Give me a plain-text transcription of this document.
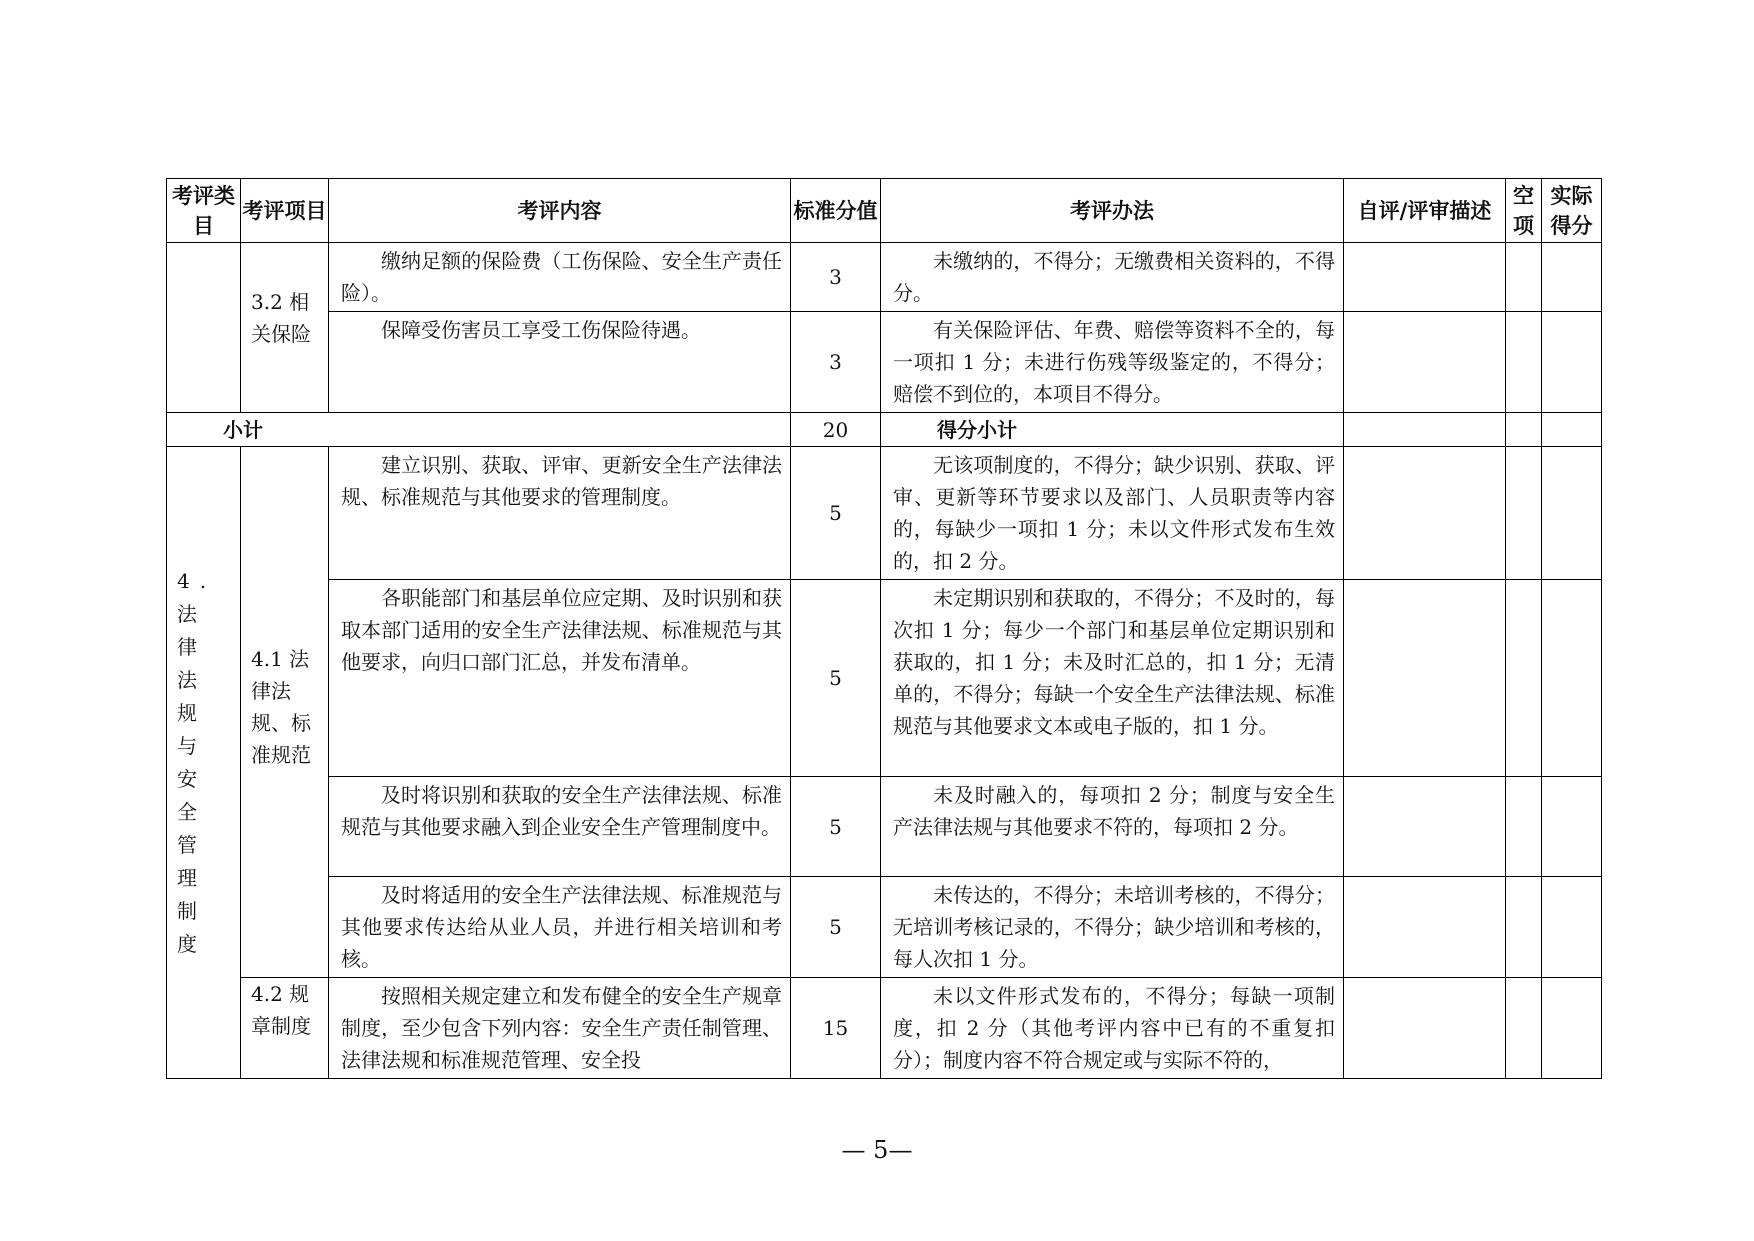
考评类目	考评项目	考评内容	标准分值	考评办法	自评/评审描述	空项	实际得分
	3.2 相关保险	缴纳足额的保险费（工伤保险、安全生产责任险）。	3	未缴纳的，不得分；无缴费相关资料的，不得分。			
		保障受伤害员工享受工伤保险待遇。	3	有关保险评估、年费、赔偿等资料不全的，每一项扣 1 分；未进行伤残等级鉴定的，不得分；赔偿不到位的，本项目不得分。			
小计			20	得分小计			
4. 法律法规与安全管理制度	4.1 法律法规、标准规范	建立识别、获取、评审、更新安全生产法律法规、标准规范与其他要求的管理制度。	5	无该项制度的，不得分；缺少识别、获取、评审、更新等环节要求以及部门、人员职责等内容的，每缺少一项扣 1 分；未以文件形式发布生效的，扣 2 分。			
		各职能部门和基层单位应定期、及时识别和获取本部门适用的安全生产法律法规、标准规范与其他要求，向归口部门汇总，并发布清单。	5	未定期识别和获取的，不得分；不及时的，每次扣 1 分；每少一个部门和基层单位定期识别和获取的，扣 1 分；未及时汇总的，扣 1 分；无清单的，不得分；每缺一个安全生产法律法规、标准规范与其他要求文本或电子版的，扣 1 分。			
		及时将识别和获取的安全生产法律法规、标准规范与其他要求融入到企业安全生产管理制度中。	5	未及时融入的，每项扣 2 分；制度与安全生产法律法规与其他要求不符的，每项扣 2 分。			
		及时将适用的安全生产法律法规、标准规范与其他要求传达给从业人员，并进行相关培训和考核。	5	未传达的，不得分；未培训考核的，不得分；无培训考核记录的，不得分；缺少培训和考核的，每人次扣 1 分。			
	4.2 规章制度	按照相关规定建立和发布健全的安全生产规章制度，至少包含下列内容：安全生产责任制管理、法律法规和标准规范管理、安全投	15	未以文件形式发布的，不得分；每缺一项制度，扣 2 分（其他考评内容中已有的不重复扣分）；制度内容不符合规定或与实际不符的，			
— 5—
